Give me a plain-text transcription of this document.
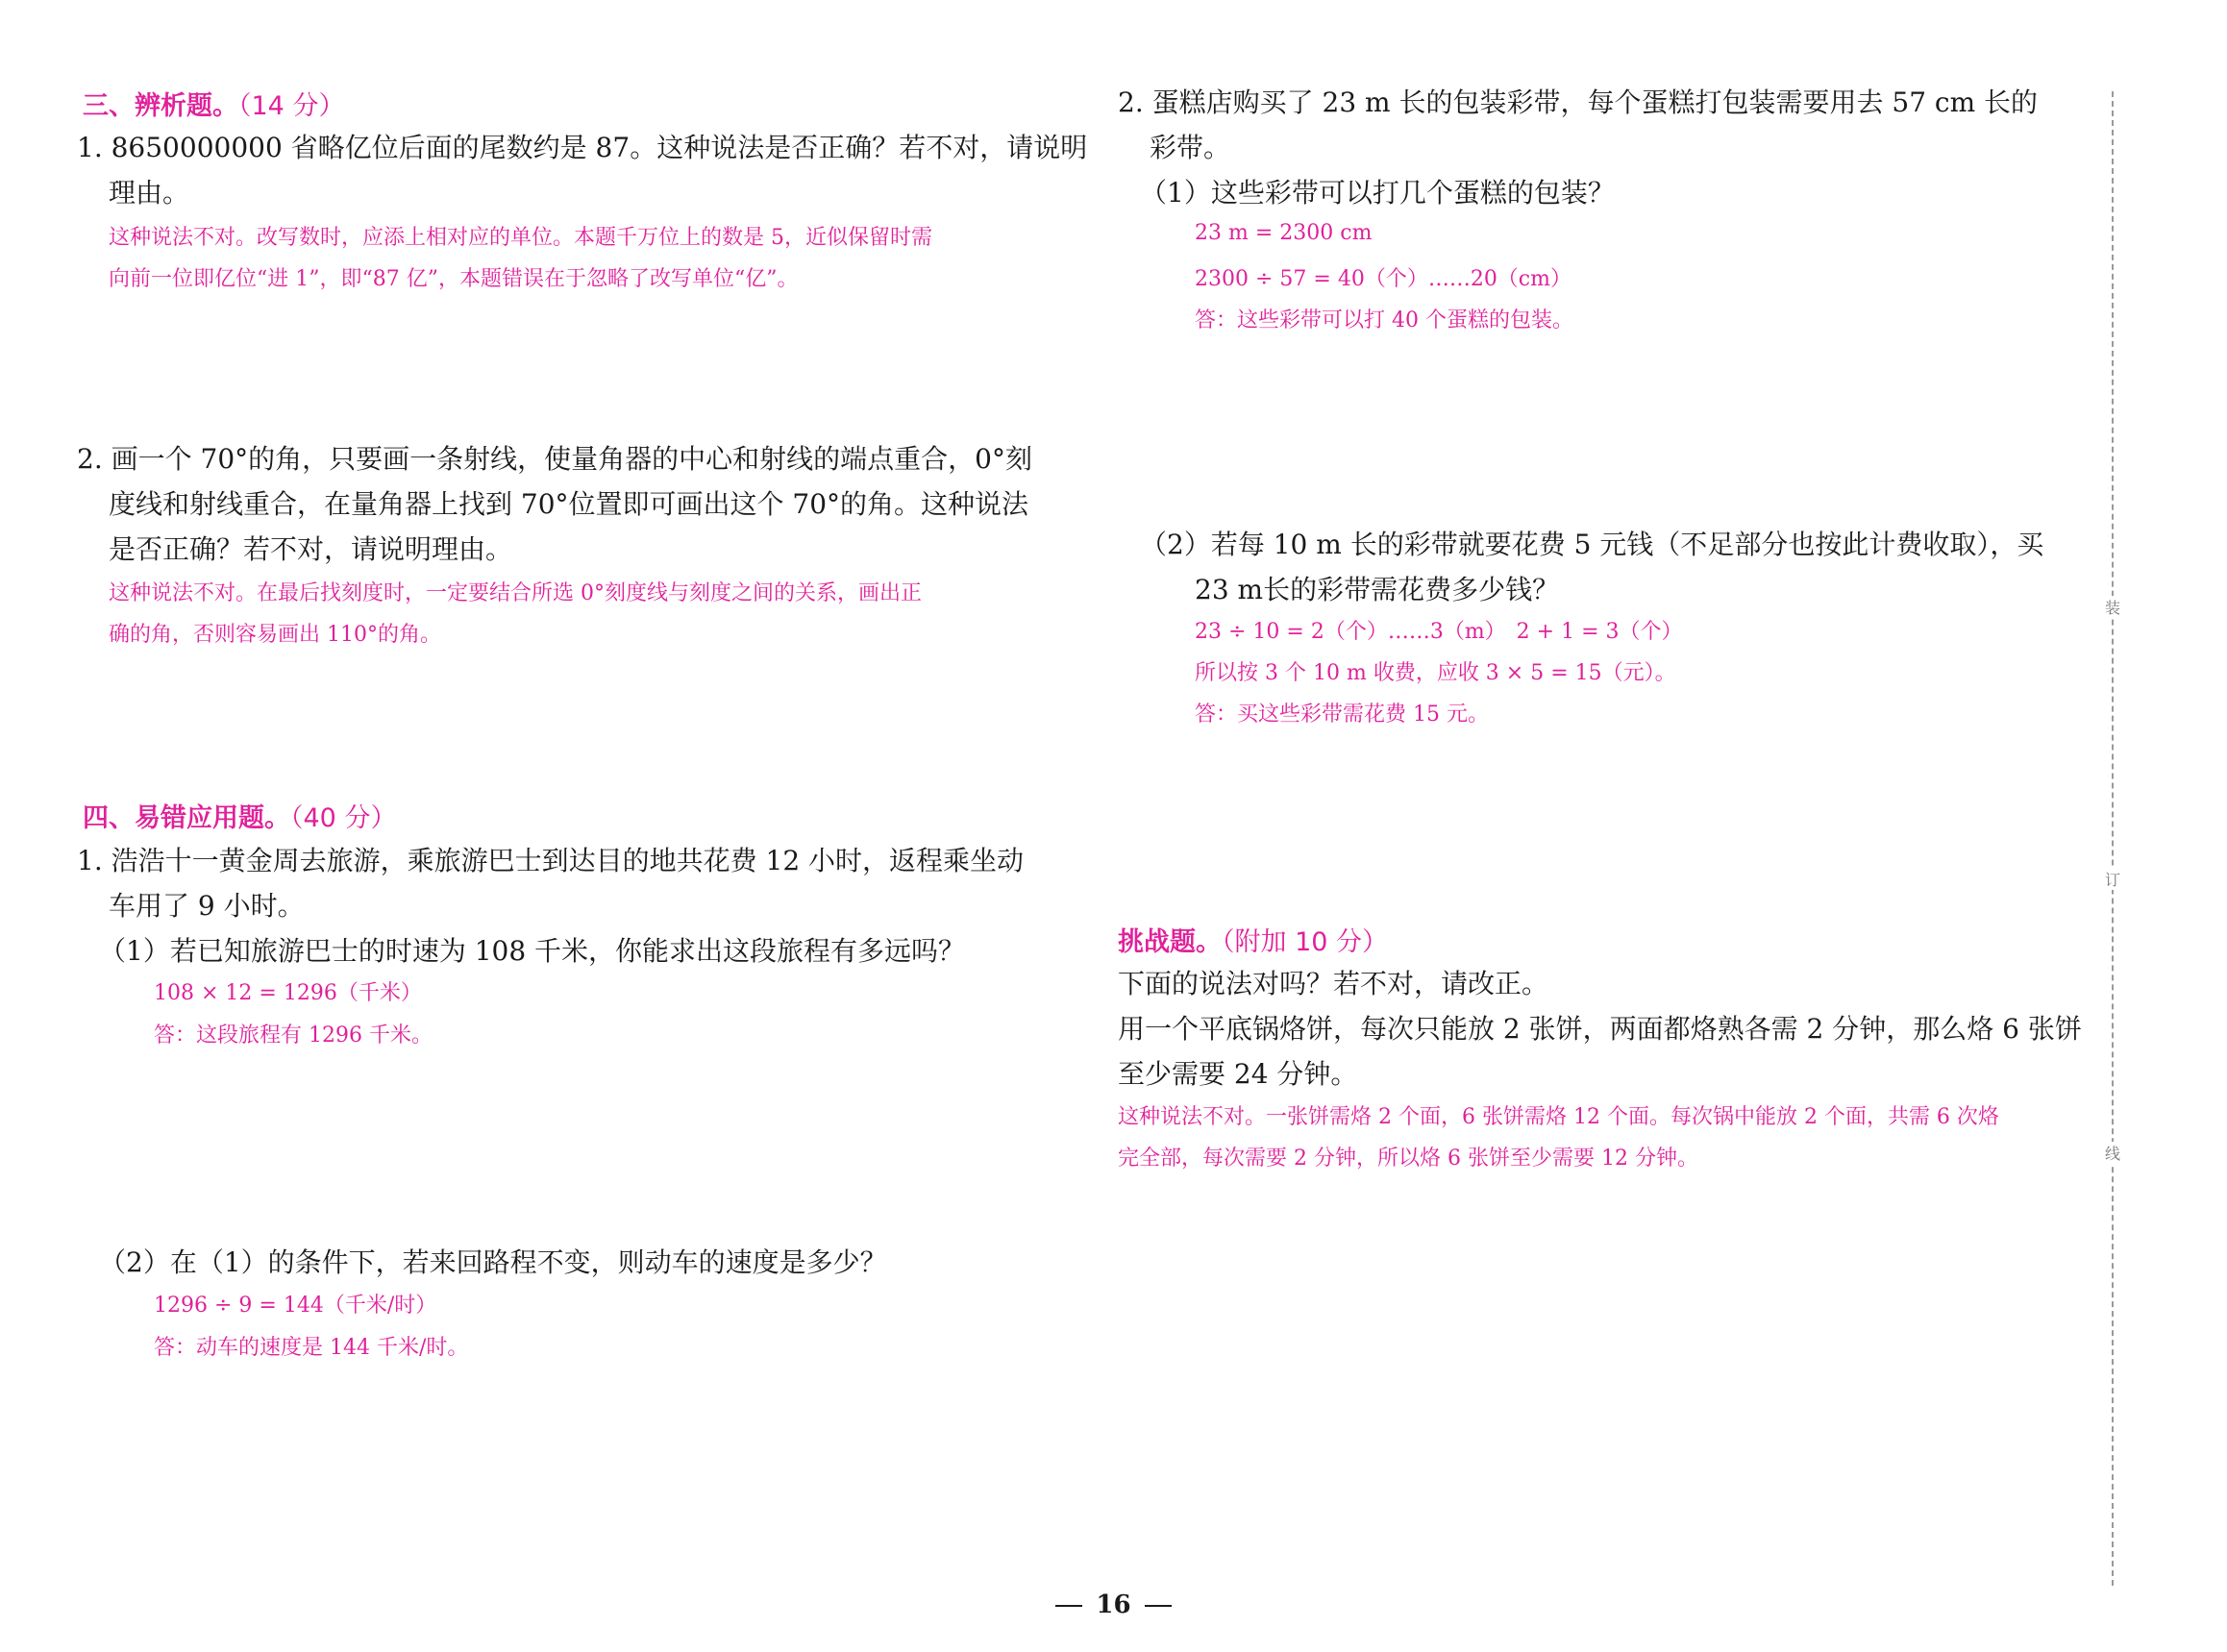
三、辨析题。（14 分）
1. 8650000000 省略亿位后面的尾数约是 87。这种说法是否正确？若不对，请说明
理由。
这种说法不对。改写数时，应添上相对应的单位。本题千万位上的数是 5，近似保留时需
向前一位即亿位“进 1”，即“87 亿”，本题错误在于忽略了改写单位“亿”。
2. 画一个 70°的角，只要画一条射线，使量角器的中心和射线的端点重合，0°刻
度线和射线重合，在量角器上找到 70°位置即可画出这个 70°的角。这种说法
是否正确？若不对，请说明理由。
这种说法不对。在最后找刻度时，一定要结合所选 0°刻度线与刻度之间的关系，画出正
确的角，否则容易画出 110°的角。
四、易错应用题。（40 分）
1. 浩浩十一黄金周去旅游，乘旅游巴士到达目的地共花费 12 小时，返程乘坐动
车用了 9 小时。
（1）若已知旅游巴士的时速为 108 千米，你能求出这段旅程有多远吗？
108 × 12 = 1296（千米）
答：这段旅程有 1296 千米。
（2）在（1）的条件下，若来回路程不变，则动车的速度是多少？
1296 ÷ 9 = 144（千米/时）
答：动车的速度是 144 千米/时。
2. 蛋糕店购买了 23 m 长的包装彩带，每个蛋糕打包装需要用去 57 cm 长的
彩带。
（1）这些彩带可以打几个蛋糕的包装？
23 m = 2300 cm
2300 ÷ 57 = 40（个）……20（cm）
答：这些彩带可以打 40 个蛋糕的包装。
（2）若每 10 m 长的彩带就要花费 5 元钱（不足部分也按此计费收取），买
23 m长的彩带需花费多少钱？
23 ÷ 10 = 2（个）……3（m）　2 + 1 = 3（个）
所以按 3 个 10 m 收费，应收 3 × 5 = 15（元）。
答：买这些彩带需花费 15 元。
挑战题。（附加 10 分）
下面的说法对吗？若不对，请改正。
用一个平底锅烙饼，每次只能放 2 张饼，两面都烙熟各需 2 分钟，那么烙 6 张饼
至少需要 24 分钟。
这种说法不对。一张饼需烙 2 个面，6 张饼需烙 12 个面。每次锅中能放 2 个面，共需 6 次烙
完全部，每次需要 2 分钟，所以烙 6 张饼至少需要 12 分钟。
装
订
线
16
